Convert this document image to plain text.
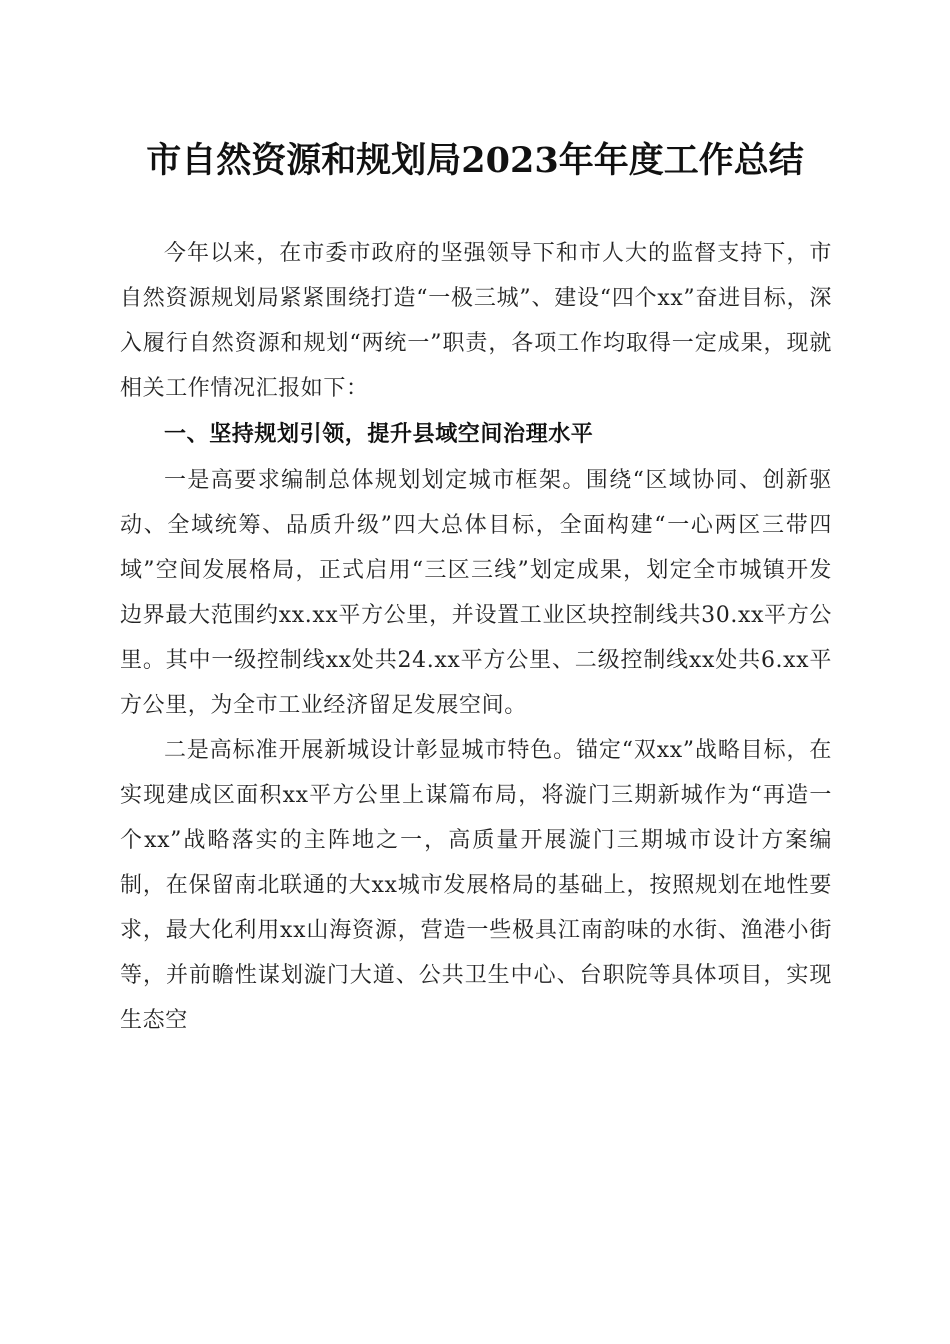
市自然资源和规划局2023年年度工作总结

今年以来，在市委市政府的坚强领导下和市人大的监督支持下，市自然资源规划局紧紧围绕打造“一极三城”、建设“四个xx”奋进目标，深入履行自然资源和规划“两统一”职责，各项工作均取得一定成果，现就相关工作情况汇报如下：

一、坚持规划引领，提升县域空间治理水平

一是高要求编制总体规划划定城市框架。围绕“区域协同、创新驱动、全域统筹、品质升级”四大总体目标，全面构建“一心两区三带四域”空间发展格局，正式启用“三区三线”划定成果，划定全市城镇开发边界最大范围约xx.xx平方公里，并设置工业区块控制线共30.xx平方公里。其中一级控制线xx处共24.xx平方公里、二级控制线xx处共6.xx平方公里，为全市工业经济留足发展空间。

二是高标准开展新城设计彰显城市特色。锚定“双xx”战略目标，在实现建成区面积xx平方公里上谋篇布局，将漩门三期新城作为“再造一个xx”战略落实的主阵地之一，高质量开展漩门三期城市设计方案编制，在保留南北联通的大xx城市发展格局的基础上，按照规划在地性要求，最大化利用xx山海资源，营造一些极具江南韵味的水街、渔港小街等，并前瞻性谋划漩门大道、公共卫生中心、台职院等具体项目，实现生态空
